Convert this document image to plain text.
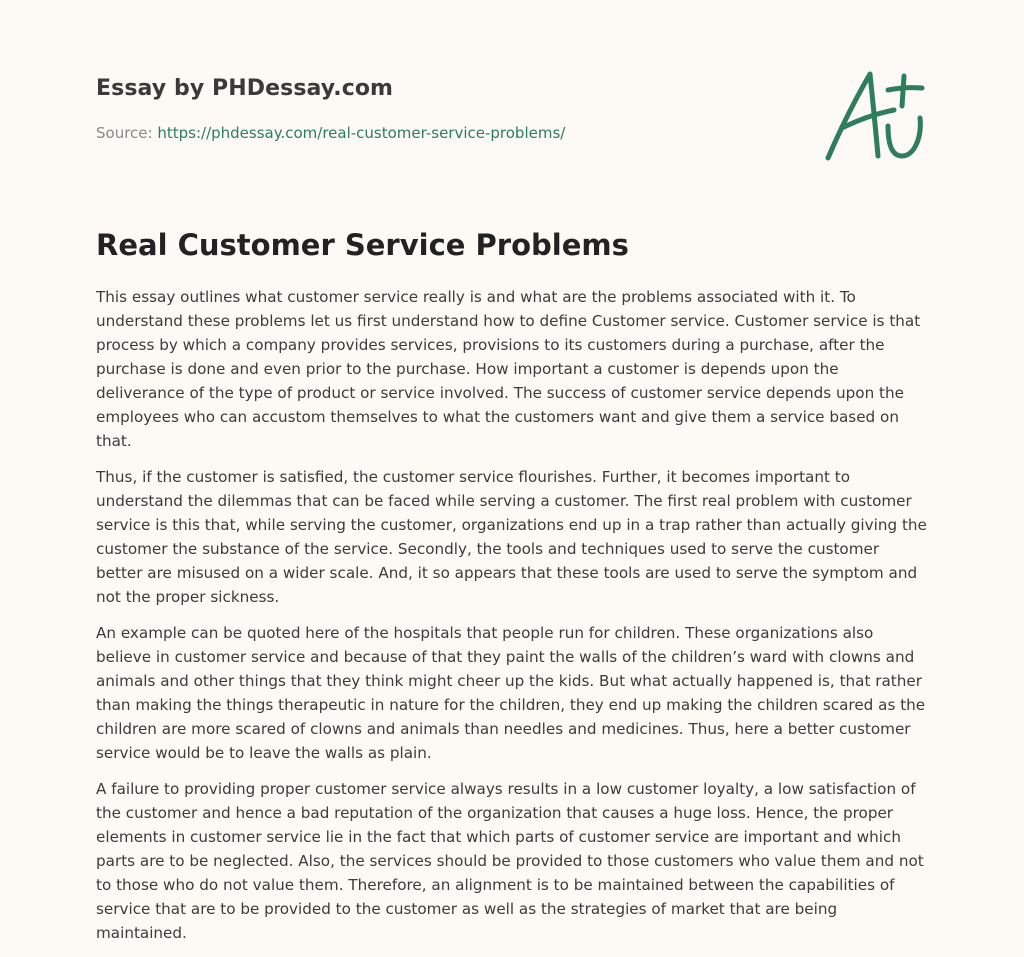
Essay by PHDessay.com
Source: https://phdessay.com/real-customer-service-problems/
Real Customer Service Problems

This essay outlines what customer service really is and what are the problems associated with it. To understand these problems let us first understand how to define Customer service. Customer service is that process by which a company provides services, provisions to its customers during a purchase, after the purchase is done and even prior to the purchase. How important a customer is depends upon the deliverance of the type of product or service involved. The success of customer service depends upon the employees who can accustom themselves to what the customers want and give them a service based on that.

Thus, if the customer is satisfied, the customer service flourishes. Further, it becomes important to understand the dilemmas that can be faced while serving a customer. The first real problem with customer service is this that, while serving the customer, organizations end up in a trap rather than actually giving the customer the substance of the service. Secondly, the tools and techniques used to serve the customer better are misused on a wider scale. And, it so appears that these tools are used to serve the symptom and not the proper sickness.

An example can be quoted here of the hospitals that people run for children. These organizations also believe in customer service and because of that they paint the walls of the children’s ward with clowns and animals and other things that they think might cheer up the kids. But what actually happened is, that rather than making the things therapeutic in nature for the children, they end up making the children scared as the children are more scared of clowns and animals than needles and medicines. Thus, here a better customer service would be to leave the walls as plain.

A failure to providing proper customer service always results in a low customer loyalty, a low satisfaction of the customer and hence a bad reputation of the organization that causes a huge loss. Hence, the proper elements in customer service lie in the fact that which parts of customer service are important and which parts are to be neglected. Also, the services should be provided to those customers who value them and not to those who do not value them. Therefore, an alignment is to be maintained between the capabilities of service that are to be provided to the customer as well as the strategies of market that are being maintained.
